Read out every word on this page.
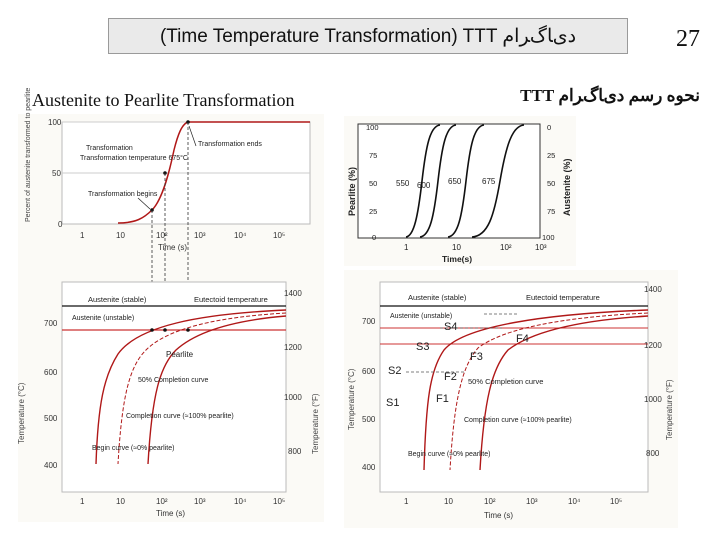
(Time Temperature Transformation) TTT دیﺎگﺮﺍﻡ	27
Austenite to Pearlite Transformation	نحوه رسم دیﺎگﺮﺍﻡ TTT
Percent of austenite transformed to pearlite 100
50
0
1	10	10²	10³	10⁴	10⁵
Time (s)
Transformation
Transformation temperature 675°C
Transformation ends
Transformation begins
Temperature (°C)	Temperature (°F)
700
600
500
400
1400
1200
1000
800
1	10	10²	10³	10⁴	10⁵
Time (s)
Austenite (stable)	Eutectoid temperature
Austenite (unstable)
Pearlite
50% Completion curve
Completion curve (≈100% pearlite)
Begin curve (≈0% pearlite)
Pearlite (%)	Austenite (%)
100
75
50
25
0
0
25
50
75
100
1	10	10²	10³
Time(s)
550 600 650	675
Temperature (°C)	Temperature (°F)
700
600
500
400
1400
1200
1000
800
1	10	10²	10³	10⁴	10⁵
Time (s)
S4
S3
S2
S1
F4
F3
F2
F1
Austenite (stable)	Eutectoid temperature
Austenite (unstable)
50% Completion curve
Completion curve (≈100% pearlite)
Begin curve (≈0% pearlite)
